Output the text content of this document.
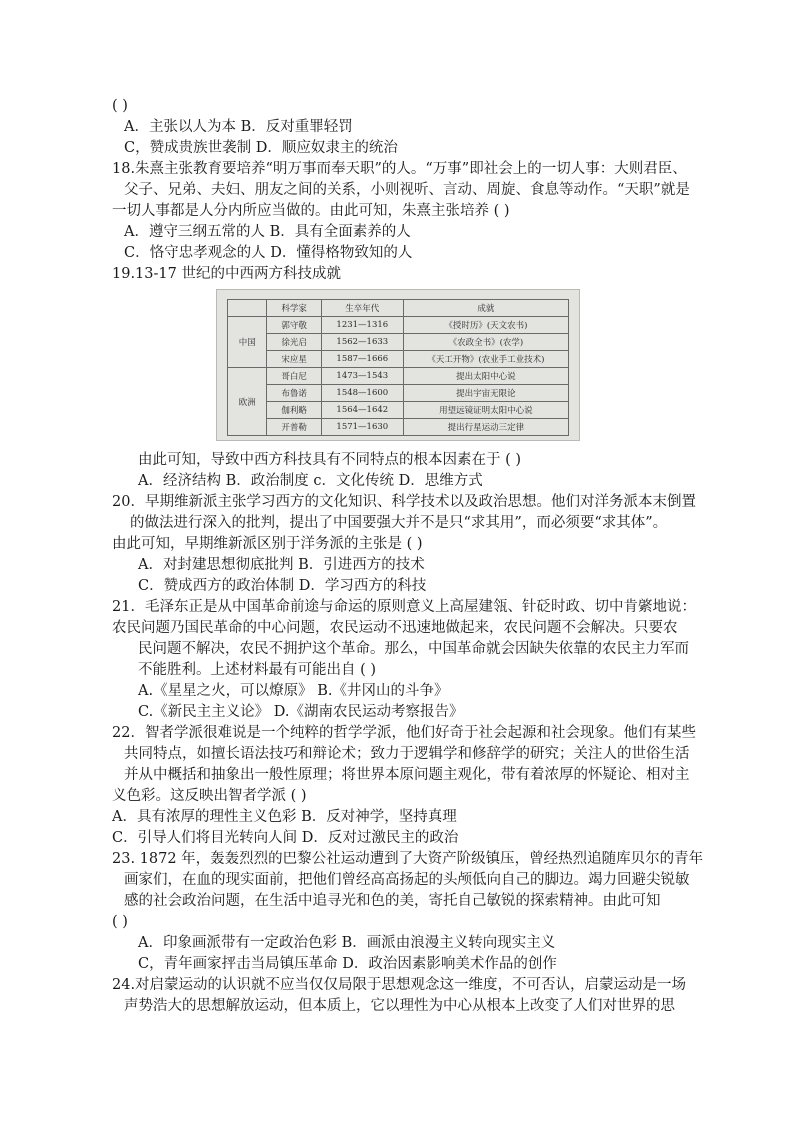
( )
A．主张以人为本 B．反对重罪轻罚
C，赞成贵族世袭制 D．顺应奴隶主的统治
18.朱熹主张教育要培养“明万事而奉天职”的人。“万事”即社会上的一切人事：大则君臣、
父子、兄弟、夫妇、朋友之间的关系，小则视听、言动、周旋、食息等动作。“天职”就是
一切人事都是人分内所应当做的。由此可知，朱熹主张培养 ( )
A．遵守三纲五常的人 B．具有全面素养的人
C．恪守忠孝观念的人 D．懂得格物致知的人
19.13-17 世纪的中西两方科技成就
	科学家	生卒年代	成就
中国	郭守敬	1231—1316	《授时历》(天文农书)
	徐光启	1562—1633	《农政全书》(农学)
	宋应星	1587—1666	《天工开物》(农业手工业技术)
欧洲	哥白尼	1473—1543	提出太阳中心说
	布鲁诺	1548—1600	提出宇宙无限论
	伽利略	1564—1642	用望远镜证明太阳中心说
	开普勒	1571—1630	提出行星运动三定律
由此可知，导致中西方科技具有不同特点的根本因素在于 ( )
A．经济结构 B．政治制度 c．文化传统 D．思维方式
20．早期维新派主张学习西方的文化知识、科学技术以及政治思想。他们对洋务派本末倒置
的做法进行深入的批判，提出了中国要强大并不是只“求其用”，而必须要“求其体”。
由此可知，早期维新派区别于洋务派的主张是 ( )
A．对封建思想彻底批判 B．引进西方的技术
C．赞成西方的政治体制 D．学习西方的科技
21．毛泽东正是从中国革命前途与命运的原则意义上高屋建瓴、针砭时政、切中肯綮地说：
农民问题乃国民革命的中心问题，农民运动不迅速地做起来，农民问题不会解决。只要农
民问题不解决，农民不拥护这个革命。那么，中国革命就会因缺失依靠的农民主力军而
不能胜利。上述材料最有可能出自 ( )
A.《星星之火，可以燎原》 B.《井冈山的斗争》
C.《新民主主义论》 D.《湖南农民运动考察报告》
22．智者学派很难说是一个纯粹的哲学学派，他们好奇于社会起源和社会现象。他们有某些
共同特点，如擅长语法技巧和辩论术；致力于逻辑学和修辞学的研究；关注人的世俗生活
并从中概括和抽象出一般性原理；将世界本原问题主观化，带有着浓厚的怀疑论、相对主
义色彩。这反映出智者学派 ( )
A．具有浓厚的理性主义色彩 B．反对神学，坚持真理
C．引导人们将目光转向人间 D．反对过激民主的政治
23. 1872 年，轰轰烈烈的巴黎公社运动遭到了大资产阶级镇压，曾经热烈追随库贝尔的青年
画家们，在血的现实面前，把他们曾经高高扬起的头颅低向自己的脚边。竭力回避尖锐敏
感的社会政治问题，在生活中追寻光和色的美，寄托自己敏锐的探索精神。由此可知
( )
A．印象画派带有一定政治色彩 B．画派由浪漫主义转向现实主义
C，青年画家抨击当局镇压革命 D．政治因素影响美术作品的创作
24.对启蒙运动的认识就不应当仅仅局限于思想观念这一维度，不可否认，启蒙运动是一场
声势浩大的思想解放运动，但本质上，它以理性为中心从根本上改变了人们对世界的思
